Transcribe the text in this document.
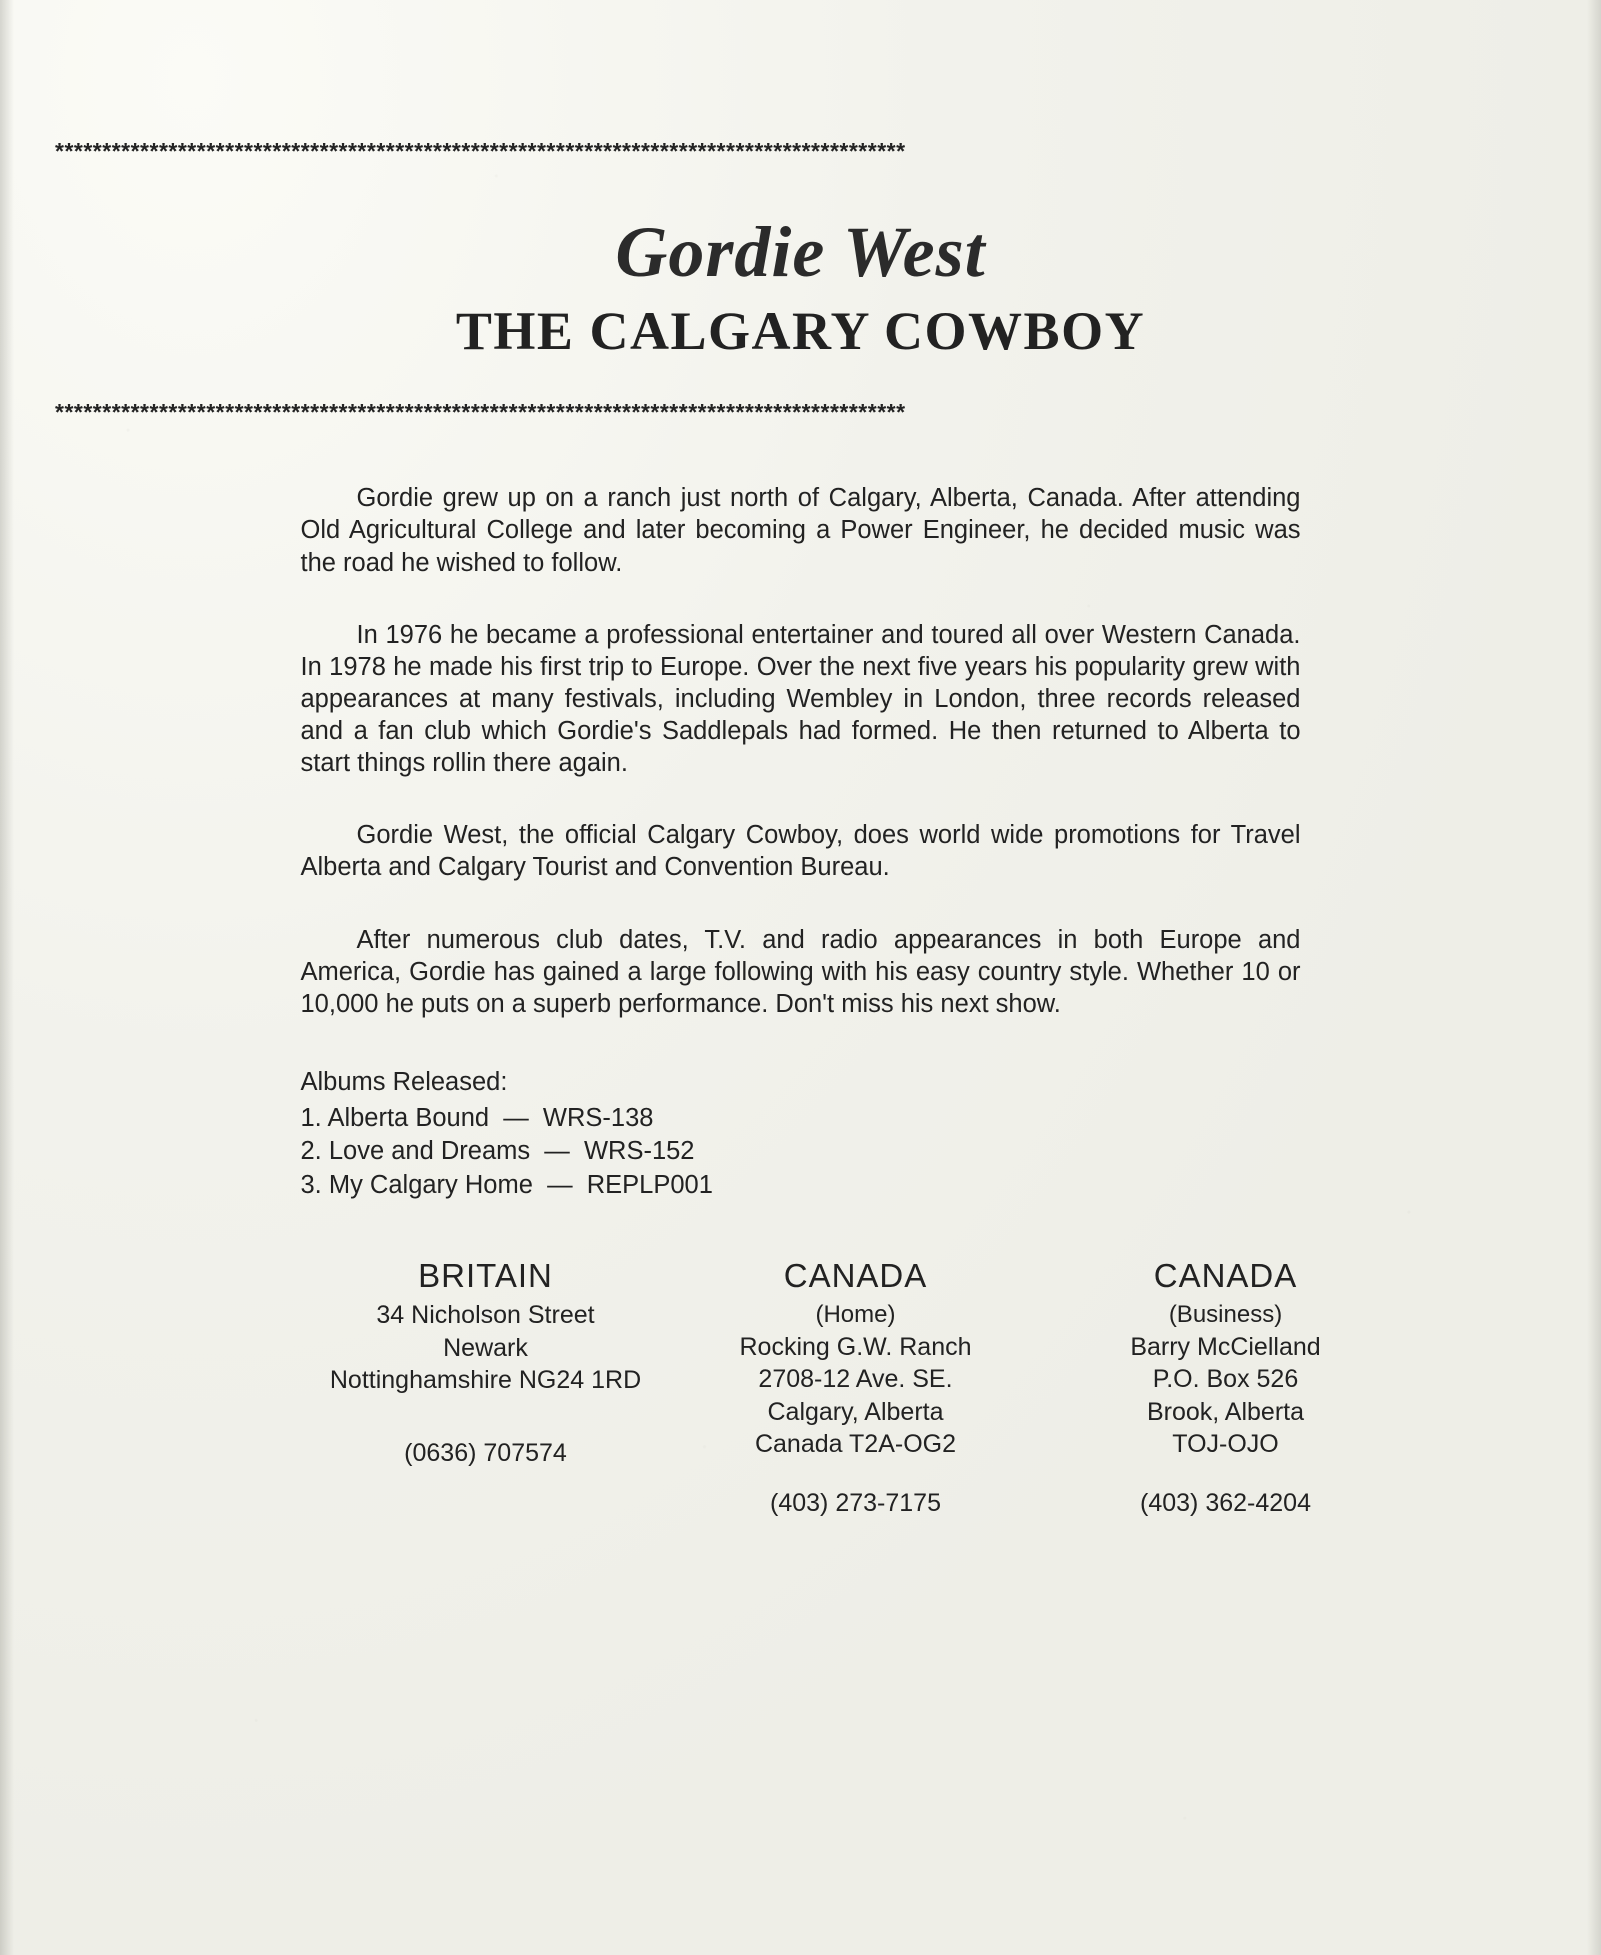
******************************************************************************************
Gordie West
THE CALGARY COWBOY
******************************************************************************************

Gordie grew up on a ranch just north of Calgary, Alberta, Canada. After attending Old Agricultural College and later becoming a Power Engineer, he decided music was the road he wished to follow.

In 1976 he became a professional entertainer and toured all over Western Canada. In 1978 he made his first trip to Europe. Over the next five years his popularity grew with appearances at many festivals, including Wembley in London, three records released and a fan club which Gordie's Saddlepals had formed. He then returned to Alberta to start things rollin there again.

Gordie West, the official Calgary Cowboy, does world wide promotions for Travel Alberta and Calgary Tourist and Convention Bureau.

After numerous club dates, T.V. and radio appearances in both Europe and America, Gordie has gained a large following with his easy country style. Whether 10 or 10,000 he puts on a superb performance. Don't miss his next show.

Albums Released:
1. Alberta Bound  —  WRS-138
2. Love and Dreams  —  WRS-152
3. My Calgary Home  —  REPLP001
BRITAIN
34 Nicholson Street
Newark
Nottinghamshire NG24 1RD
(0636) 707574
CANADA
(Home)
Rocking G.W. Ranch
2708-12 Ave. SE.
Calgary, Alberta
Canada T2A-OG2
(403) 273-7175
CANADA
(Business)
Barry McCielland
P.O. Box 526
Brook, Alberta
TOJ-OJO
(403) 362-4204
